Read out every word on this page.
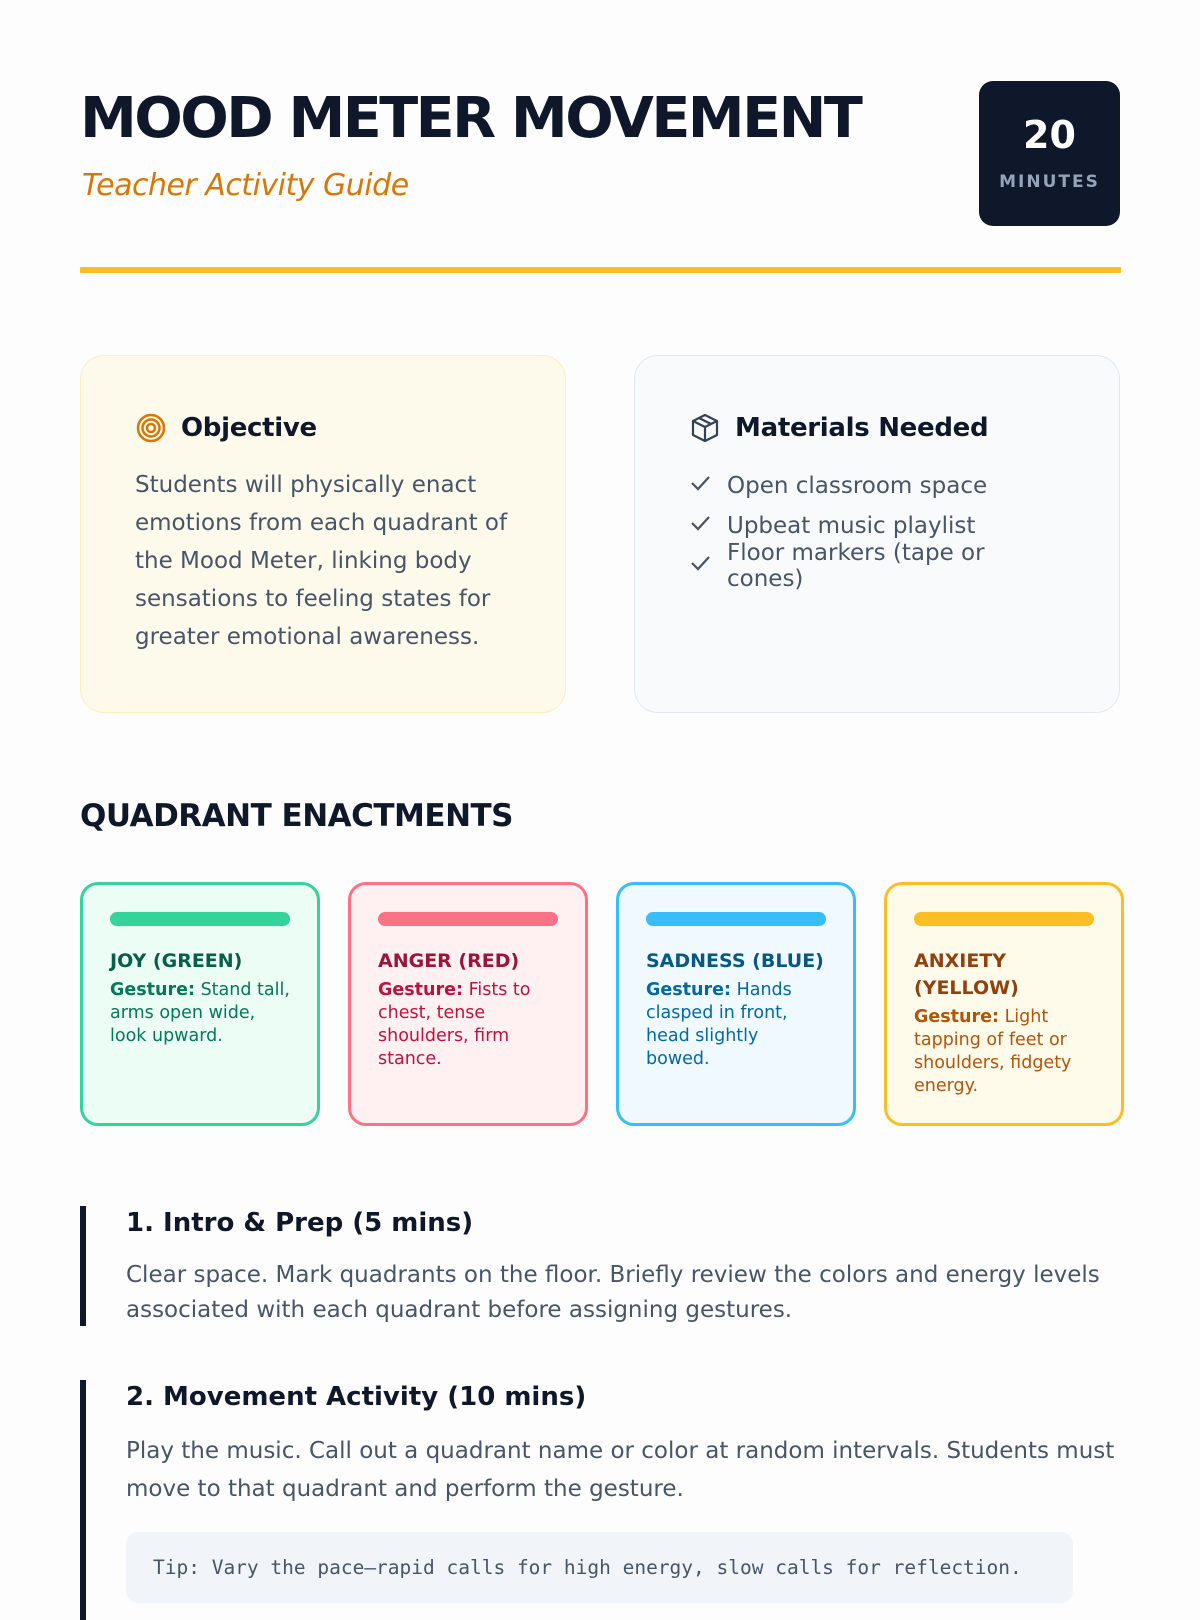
MOOD METER MOVEMENT
Teacher Activity Guide
20
MINUTES
Objective

Students will physically enact emotions from each quadrant of the Mood Meter, linking body sensations to feeling states for greater emotional awareness.

Materials Needed
Open classroom space
Upbeat music playlist
Floor markers (tape or cones)
QUADRANT ENACTMENTS
JOY (GREEN)
Gesture: Stand tall, arms open wide, look upward.
ANGER (RED)
Gesture: Fists to chest, tense shoulders, firm stance.
SADNESS (BLUE)
Gesture: Hands clasped in front, head slightly bowed.
ANXIETY (YELLOW)
Gesture: Light tapping of feet or shoulders, fidgety energy.
1. Intro & Prep (5 mins)

Clear space. Mark quadrants on the floor. Briefly review the colors and energy levels associated with each quadrant before assigning gestures.

2. Movement Activity (10 mins)

Play the music. Call out a quadrant name or color at random intervals. Students must move to that quadrant and perform the gesture.

Tip: Vary the pace—rapid calls for high energy, slow calls for reflection.
